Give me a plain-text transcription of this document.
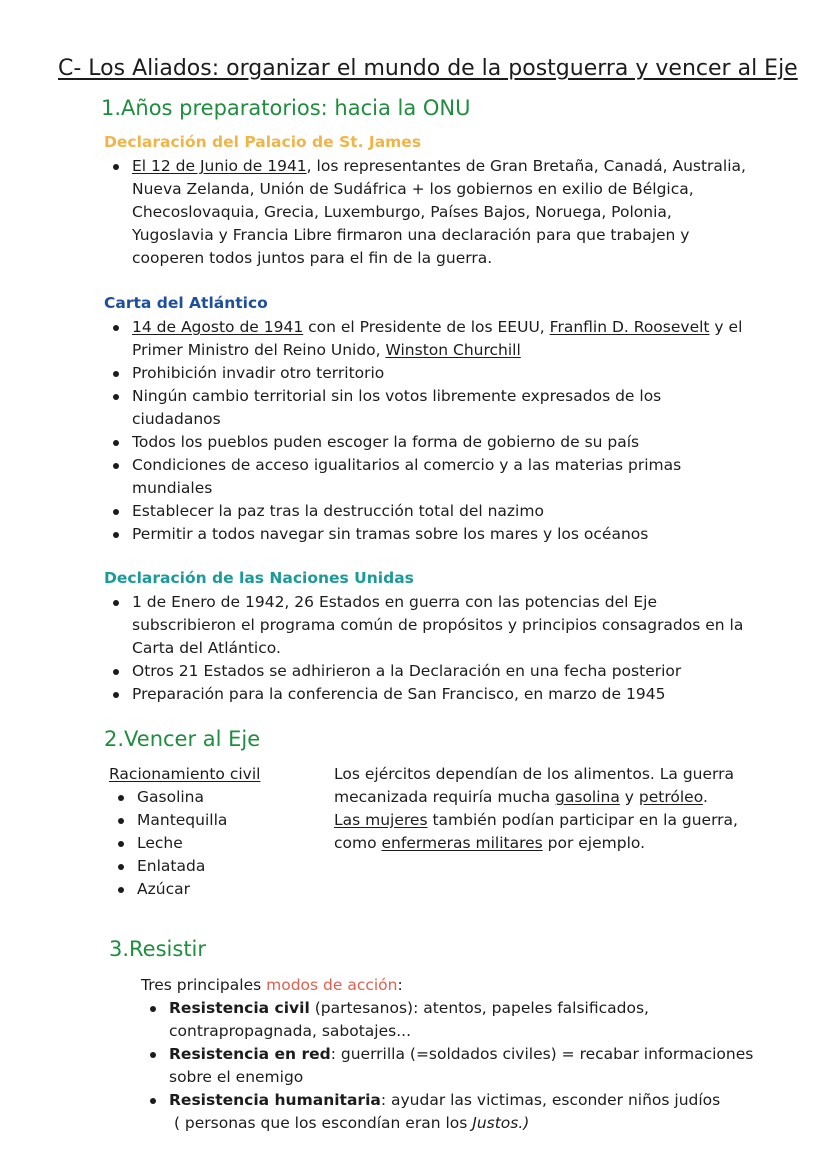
C- Los Aliados: organizar el mundo de la postguerra y vencer al Eje
1.Años preparatorios: hacia la ONU
Declaración del Palacio de St. James
El 12 de Junio de 1941, los representantes de Gran Bretaña, Canadá, Australia,
Nueva Zelanda, Unión de Sudáfrica + los gobiernos en exilio de Bélgica,
Checoslovaquia, Grecia, Luxemburgo, Países Bajos, Noruega, Polonia,
Yugoslavia y Francia Libre firmaron una declaración para que trabajen y
cooperen todos juntos para el fin de la guerra.
Carta del Atlántico
14 de Agosto de 1941 con el Presidente de los EEUU, Franflin D. Roosevelt y el
Primer Ministro del Reino Unido, Winston Churchill
Prohibición invadir otro territorio
Ningún cambio territorial sin los votos libremente expresados de los
ciudadanos
Todos los pueblos puden escoger la forma de gobierno de su país
Condiciones de acceso igualitarios al comercio y a las materias primas
mundiales
Establecer la paz tras la destrucción total del nazimo
Permitir a todos navegar sin tramas sobre los mares y los océanos
Declaración de las Naciones Unidas
1 de Enero de 1942, 26 Estados en guerra con las potencias del Eje
subscribieron el programa común de propósitos y principios consagrados en la
Carta del Atlántico.
Otros 21 Estados se adhirieron a la Declaración en una fecha posterior
Preparación para la conferencia de San Francisco, en marzo de 1945
2.Vencer al Eje
Racionamiento civil
Gasolina
Mantequilla
Leche
Enlatada
Azúcar
Los ejércitos dependían de los alimentos. La guerra
mecanizada requiría mucha gasolina y petróleo.
Las mujeres también podían participar en la guerra,
como enfermeras militares por ejemplo.
3.Resistir
Tres principales modos de acción:
Resistencia civil (partesanos): atentos, papeles falsificados,
contrapropagnada, sabotajes...
Resistencia en red: guerrilla (=soldados civiles) = recabar informaciones
sobre el enemigo
Resistencia humanitaria: ayudar las victimas, esconder niños judíos
( personas que los escondían eran los Justos.)
